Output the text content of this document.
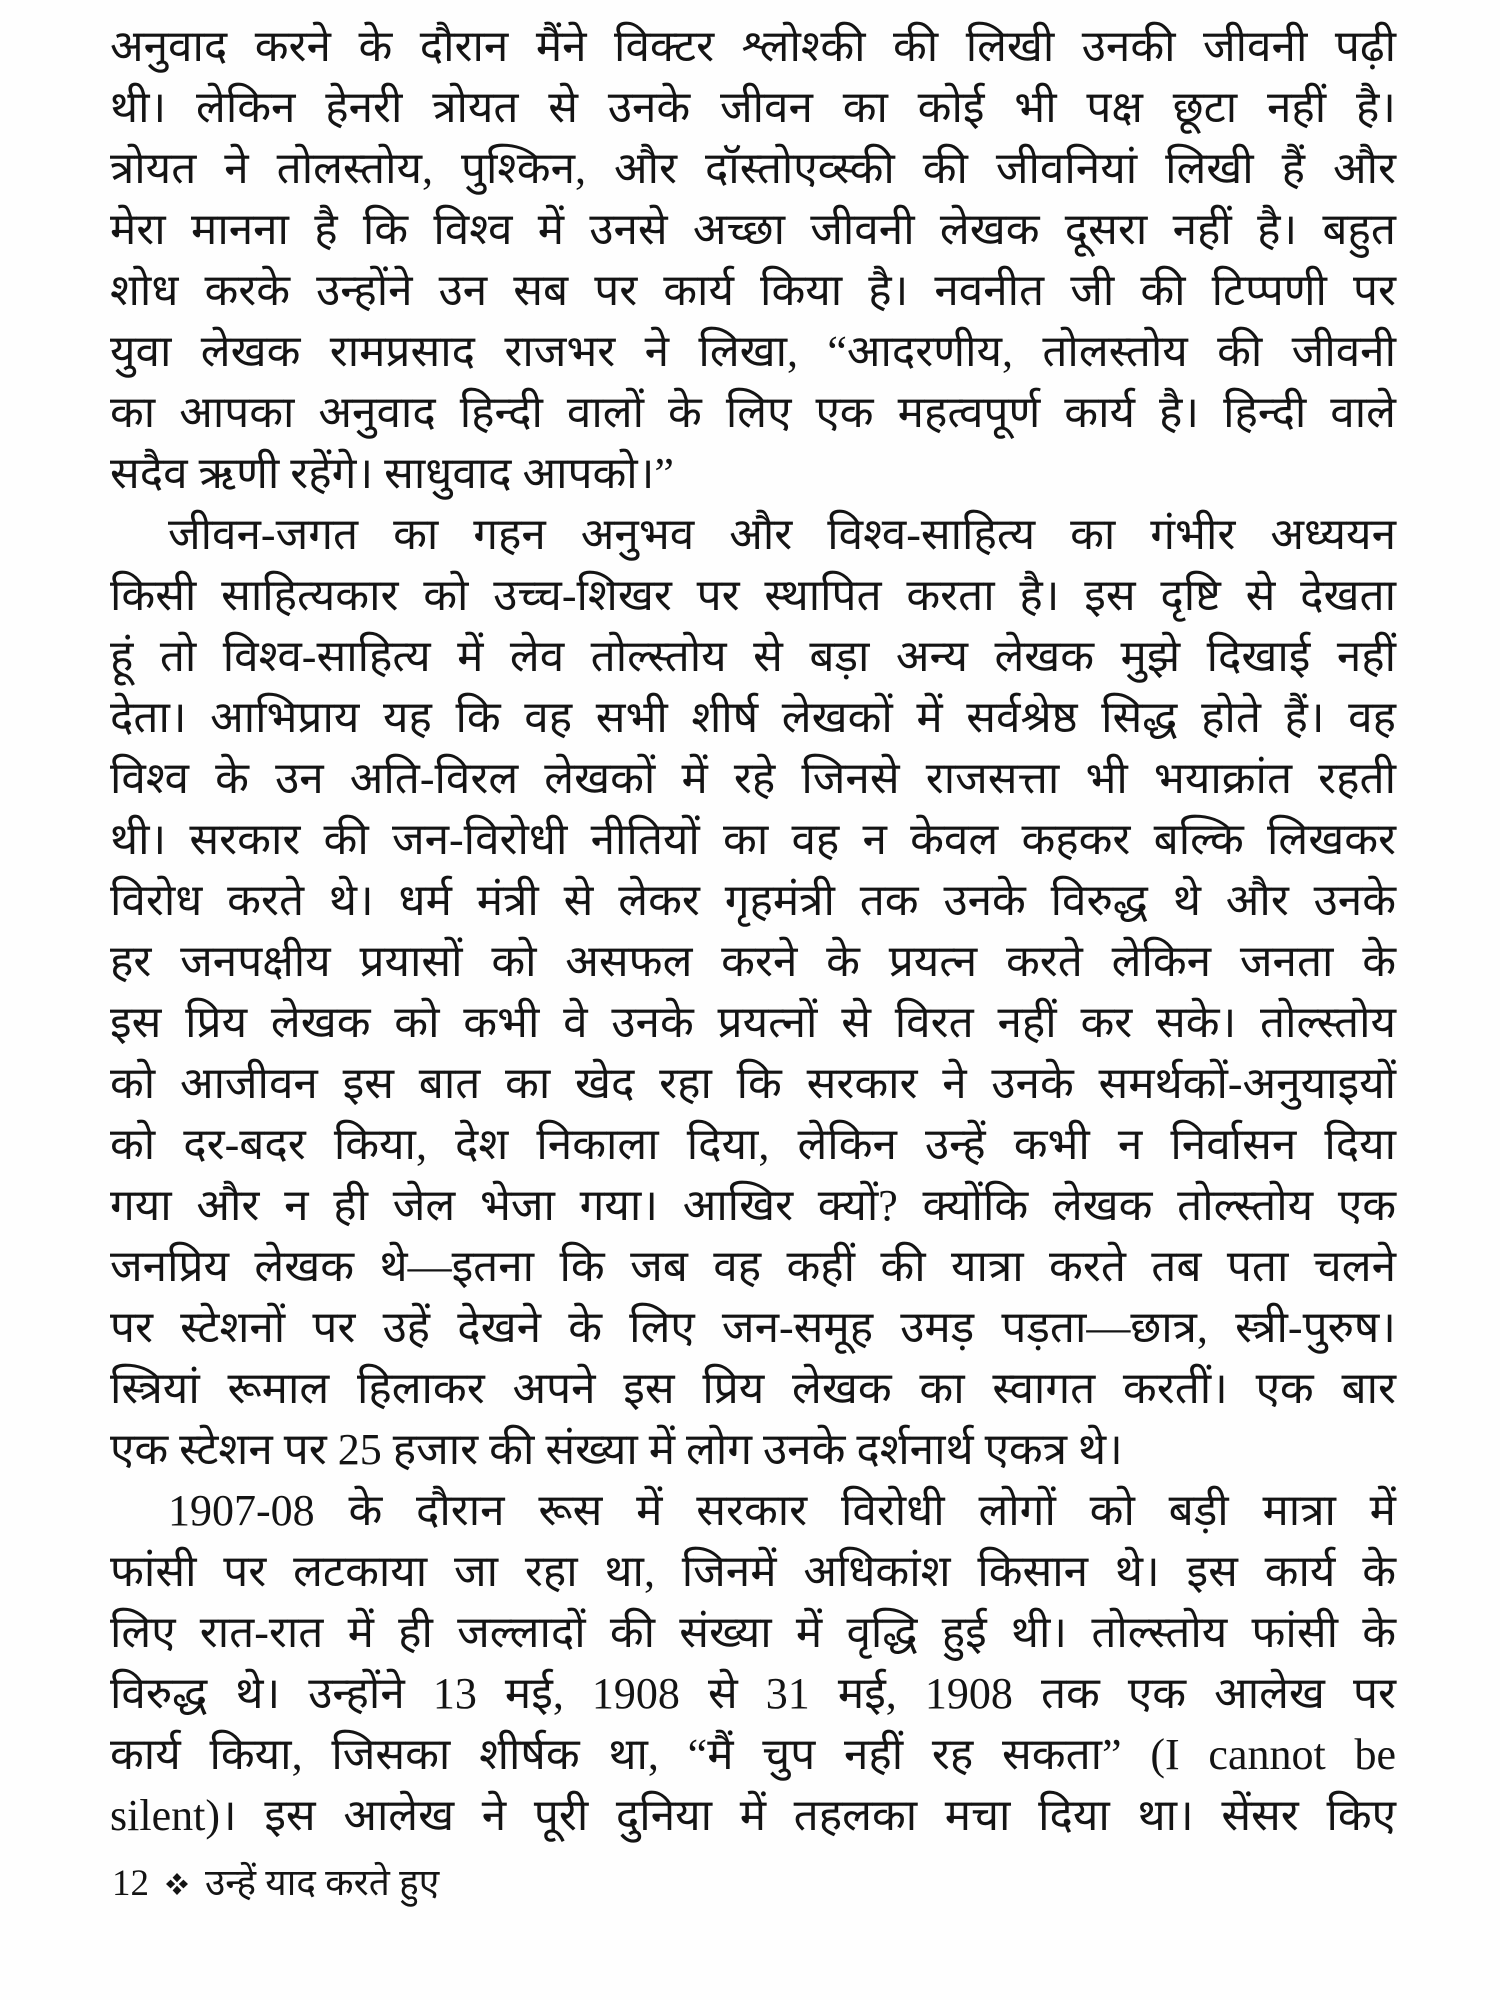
अनुवाद करने के दौरान मैंने विक्टर श्लोश्की की लिखी उनकी जीवनी पढ़ी
थी। लेकिन हेनरी त्रोयत से उनके जीवन का कोई भी पक्ष छूटा नहीं है।
त्रोयत ने तोलस्तोय, पुश्किन, और दॉस्तोएव्स्की की जीवनियां लिखी हैं और
मेरा मानना है कि विश्व में उनसे अच्छा जीवनी लेखक दूसरा नहीं है। बहुत
शोध करके उन्होंने उन सब पर कार्य किया है। नवनीत जी की टिप्पणी पर
युवा लेखक रामप्रसाद राजभर ने लिखा, “आदरणीय, तोलस्तोय की जीवनी
का आपका अनुवाद हिन्दी वालों के लिए एक महत्वपूर्ण कार्य है। हिन्दी वाले
सदैव ऋणी रहेंगे। साधुवाद आपको।”
जीवन-जगत का गहन अनुभव और विश्व-साहित्य का गंभीर अध्ययन
किसी साहित्यकार को उच्च-शिखर पर स्थापित करता है। इस दृष्टि से देखता
हूं तो विश्व-साहित्य में लेव तोल्स्तोय से बड़ा अन्य लेखक मुझे दिखाई नहीं
देता। आभिप्राय यह कि वह सभी शीर्ष लेखकों में सर्वश्रेष्ठ सिद्ध होते हैं। वह
विश्व के उन अति-विरल लेखकों में रहे जिनसे राजसत्ता भी भयाक्रांत रहती
थी। सरकार की जन-विरोधी नीतियों का वह न केवल कहकर बल्कि लिखकर
विरोध करते थे। धर्म मंत्री से लेकर गृहमंत्री तक उनके विरुद्ध थे और उनके
हर जनपक्षीय प्रयासों को असफल करने के प्रयत्न करते लेकिन जनता के
इस प्रिय लेखक को कभी वे उनके प्रयत्नों से विरत नहीं कर सके। तोल्स्तोय
को आजीवन इस बात का खेद रहा कि सरकार ने उनके समर्थकों-अनुयाइयों
को दर-बदर किया, देश निकाला दिया, लेकिन उन्हें कभी न निर्वासन दिया
गया और न ही जेल भेजा गया। आखिर क्यों? क्योंकि लेखक तोल्स्तोय एक
जनप्रिय लेखक थे—इतना कि जब वह कहीं की यात्रा करते तब पता चलने
पर स्टेशनों पर उहें देखने के लिए जन-समूह उमड़ पड़ता—छात्र, स्त्री-पुरुष।
स्त्रियां रूमाल हिलाकर अपने इस प्रिय लेखक का स्वागत करतीं। एक बार
एक स्टेशन पर 25 हजार की संख्या में लोग उनके दर्शनार्थ एकत्र थे।
1907-08 के दौरान रूस में सरकार विरोधी लोगों को बड़ी मात्रा में
फांसी पर लटकाया जा रहा था, जिनमें अधिकांश किसान थे। इस कार्य के
लिए रात-रात में ही जल्लादों की संख्या में वृद्धि हुई थी। तोल्स्तोय फांसी के
विरुद्ध थे। उन्होंने 13 मई, 1908 से 31 मई, 1908 तक एक आलेख पर
कार्य किया, जिसका शीर्षक था, “मैं चुप नहीं रह सकता” (I cannot be
silent)। इस आलेख ने पूरी दुनिया में तहलका मचा दिया था। सेंसर किए
12 उन्हें याद करते हुए
